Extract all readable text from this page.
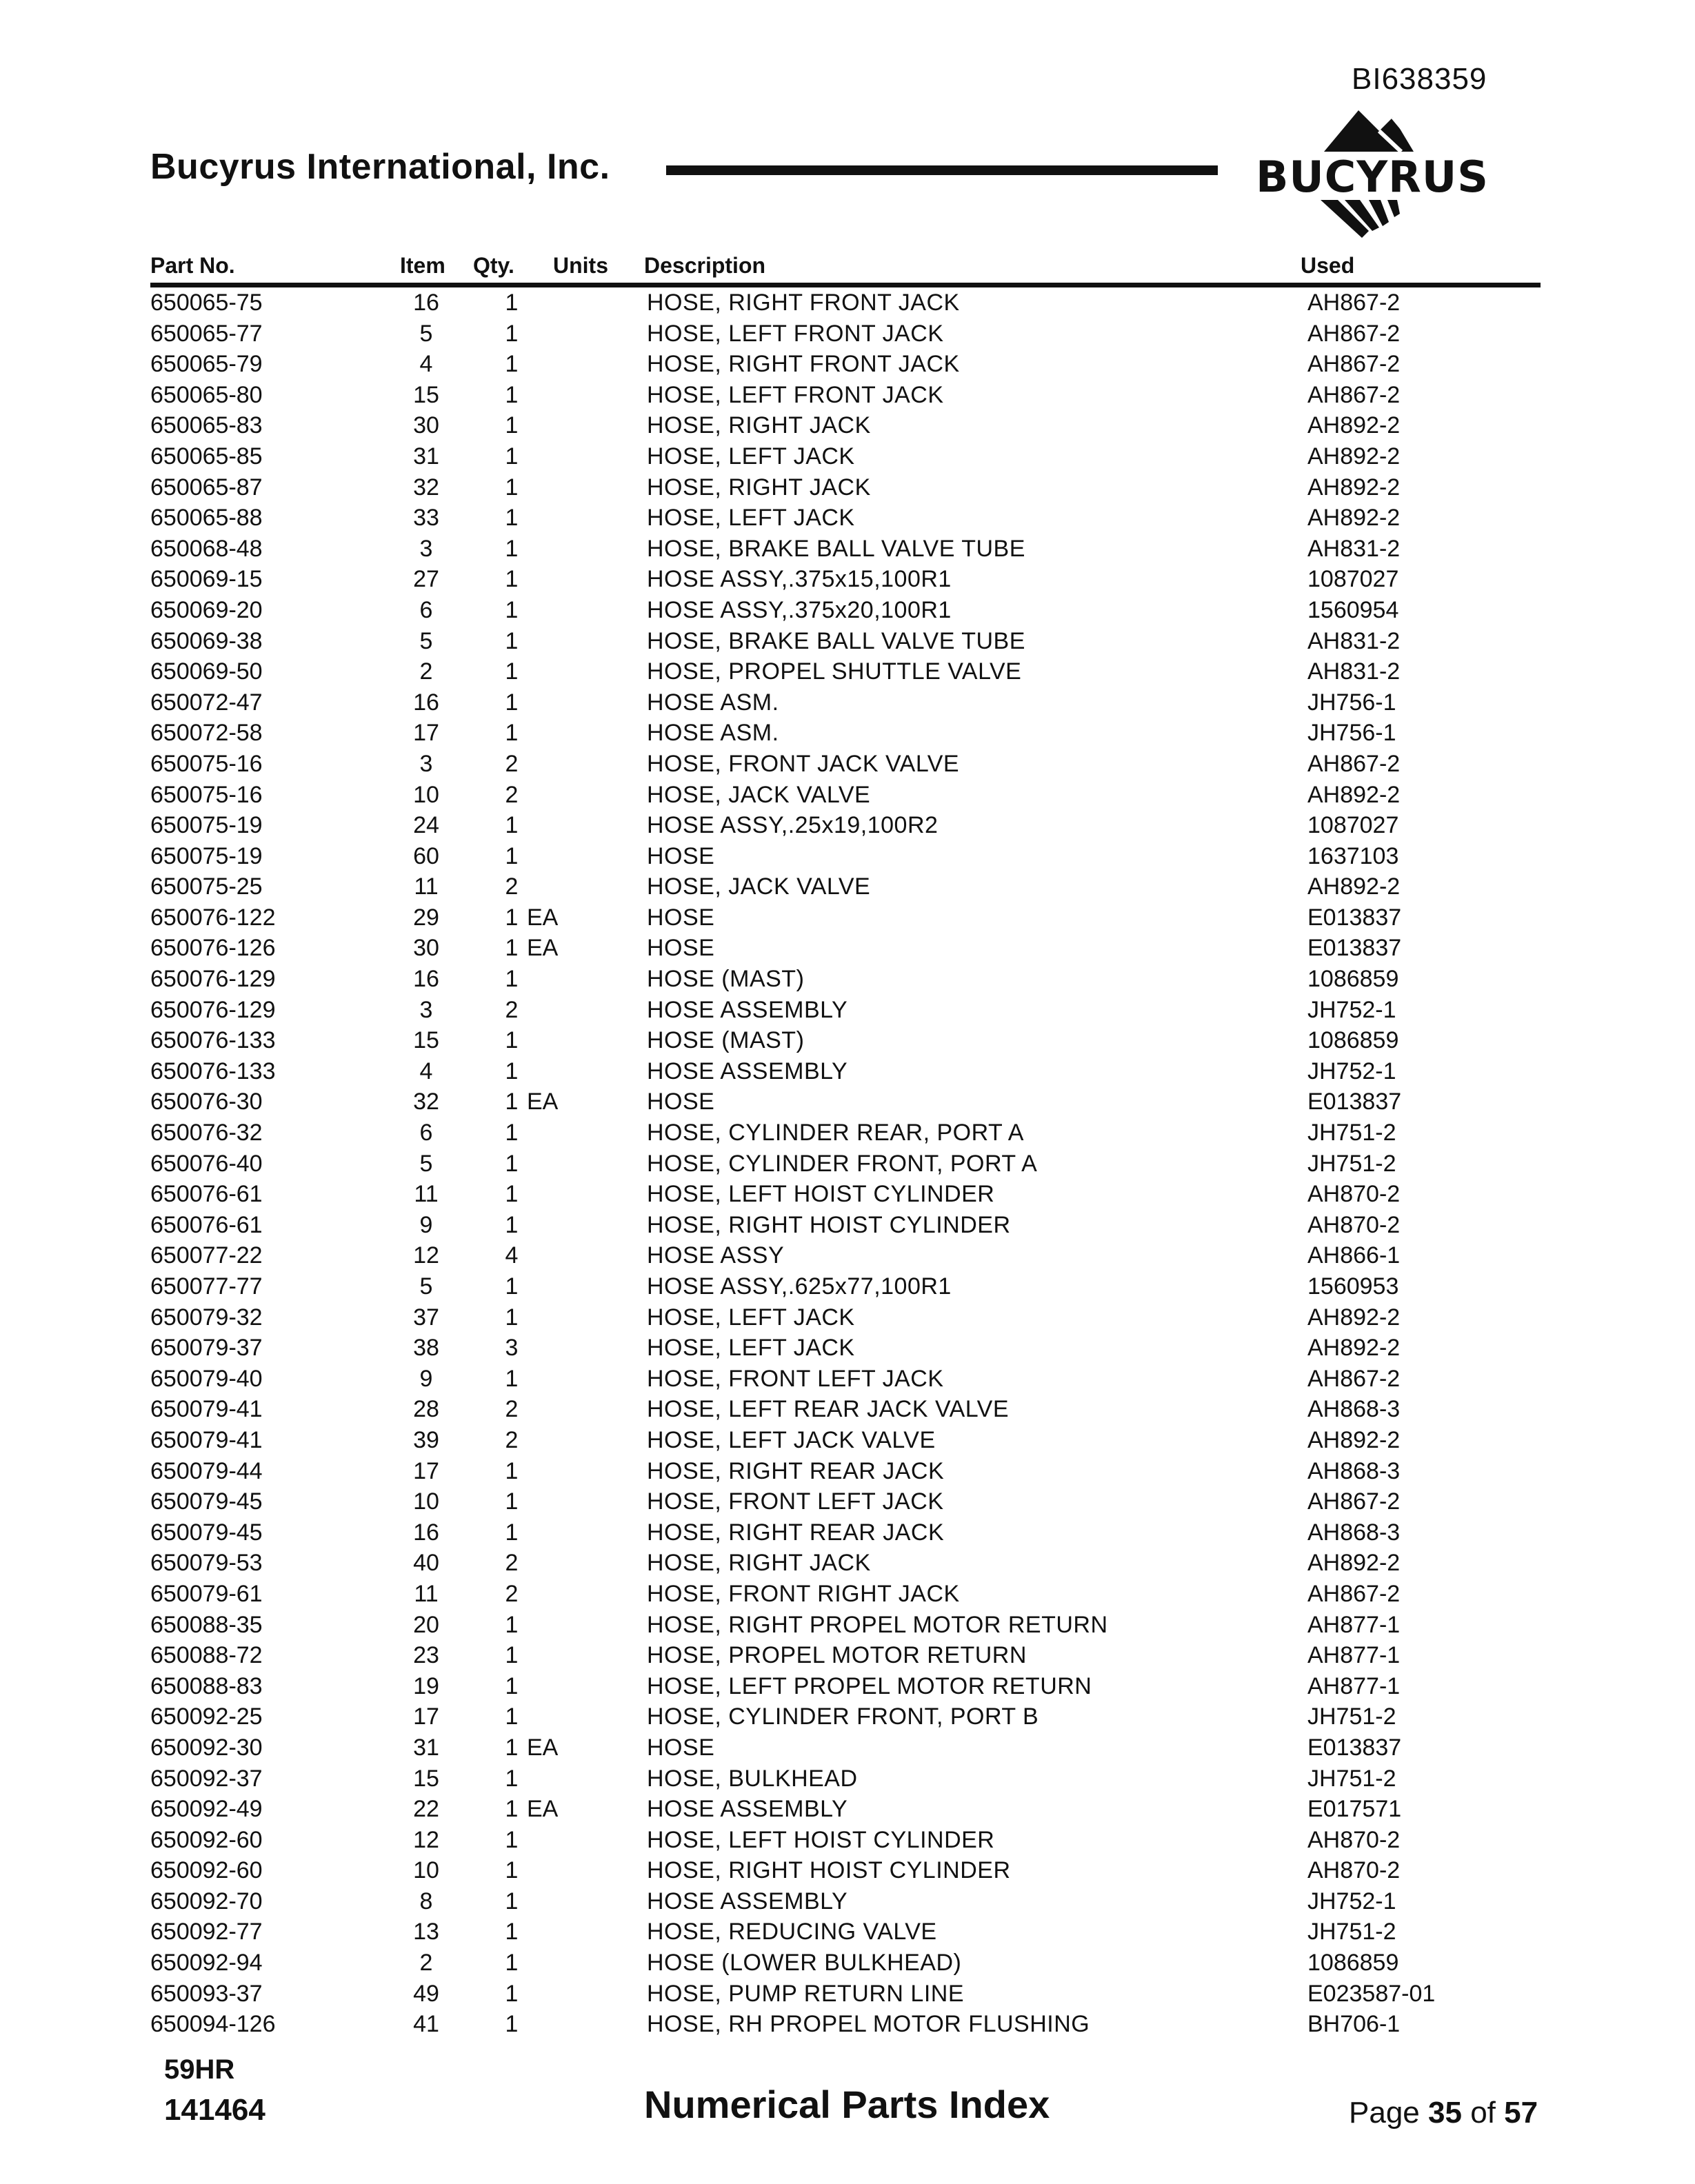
BI638359
Bucyrus International, Inc.	BUCYRUS
Part No.	Item Qty. Units Description	Used
650065-75	16	1	HOSE, RIGHT FRONT JACK	AH867-2
650065-77	5	1	HOSE, LEFT FRONT JACK	AH867-2
650065-79	4	1	HOSE, RIGHT FRONT JACK	AH867-2
650065-80	15	1	HOSE, LEFT FRONT JACK	AH867-2
650065-83	30	1	HOSE, RIGHT JACK	AH892-2
650065-85	31	1	HOSE, LEFT JACK	AH892-2
650065-87	32	1	HOSE, RIGHT JACK	AH892-2
650065-88	33	1	HOSE, LEFT JACK	AH892-2
650068-48	3	1	HOSE, BRAKE BALL VALVE TUBE	AH831-2
650069-15	27	1	HOSE ASSY,.375x15,100R1	1087027
650069-20	6	1	HOSE ASSY,.375x20,100R1	1560954
650069-38	5	1	HOSE, BRAKE BALL VALVE TUBE	AH831-2
650069-50	2	1	HOSE, PROPEL SHUTTLE VALVE	AH831-2
650072-47	16	1	HOSE ASM.	JH756-1
650072-58	17	1	HOSE ASM.	JH756-1
650075-16	3	2	HOSE, FRONT JACK VALVE	AH867-2
650075-16	10	2	HOSE, JACK VALVE	AH892-2
650075-19	24	1	HOSE ASSY,.25x19,100R2	1087027
650075-19	60	1	HOSE	1637103
650075-25	11	2	HOSE, JACK VALVE	AH892-2
650076-122	29	1 EA	HOSE	E013837
650076-126	30	1 EA	HOSE	E013837
650076-129	16	1	HOSE (MAST)	1086859
650076-129	3	2	HOSE ASSEMBLY	JH752-1
650076-133	15	1	HOSE (MAST)	1086859
650076-133	4	1	HOSE ASSEMBLY	JH752-1
650076-30	32	1 EA	HOSE	E013837
650076-32	6	1	HOSE, CYLINDER REAR, PORT A	JH751-2
650076-40	5	1	HOSE, CYLINDER FRONT, PORT A	JH751-2
650076-61	11	1	HOSE, LEFT HOIST CYLINDER	AH870-2
650076-61	9	1	HOSE, RIGHT HOIST CYLINDER	AH870-2
650077-22	12	4	HOSE ASSY	AH866-1
650077-77	5	1	HOSE ASSY,.625x77,100R1	1560953
650079-32	37	1	HOSE, LEFT JACK	AH892-2
650079-37	38	3	HOSE, LEFT JACK	AH892-2
650079-40	9	1	HOSE, FRONT LEFT JACK	AH867-2
650079-41	28	2	HOSE, LEFT REAR JACK VALVE	AH868-3
650079-41	39	2	HOSE, LEFT JACK VALVE	AH892-2
650079-44	17	1	HOSE, RIGHT REAR JACK	AH868-3
650079-45	10	1	HOSE, FRONT LEFT JACK	AH867-2
650079-45	16	1	HOSE, RIGHT REAR JACK	AH868-3
650079-53	40	2	HOSE, RIGHT JACK	AH892-2
650079-61	11	2	HOSE, FRONT RIGHT JACK	AH867-2
650088-35	20	1	HOSE, RIGHT PROPEL MOTOR RETURN	AH877-1
650088-72	23	1	HOSE, PROPEL MOTOR RETURN	AH877-1
650088-83	19	1	HOSE, LEFT PROPEL MOTOR RETURN	AH877-1
650092-25	17	1	HOSE, CYLINDER FRONT, PORT B	JH751-2
650092-30	31	1 EA	HOSE	E013837
650092-37	15	1	HOSE, BULKHEAD	JH751-2
650092-49	22	1 EA	HOSE ASSEMBLY	E017571
650092-60	12	1	HOSE, LEFT HOIST CYLINDER	AH870-2
650092-60	10	1	HOSE, RIGHT HOIST CYLINDER	AH870-2
650092-70	8	1	HOSE ASSEMBLY	JH752-1
650092-77	13	1	HOSE, REDUCING VALVE	JH751-2
650092-94	2	1	HOSE (LOWER BULKHEAD)	1086859
650093-37	49	1	HOSE, PUMP RETURN LINE	E023587-01
650094-126	41	1	HOSE, RH PROPEL MOTOR FLUSHING	BH706-1
59HR
141464	Numerical Parts Index	Page 35 of 57
